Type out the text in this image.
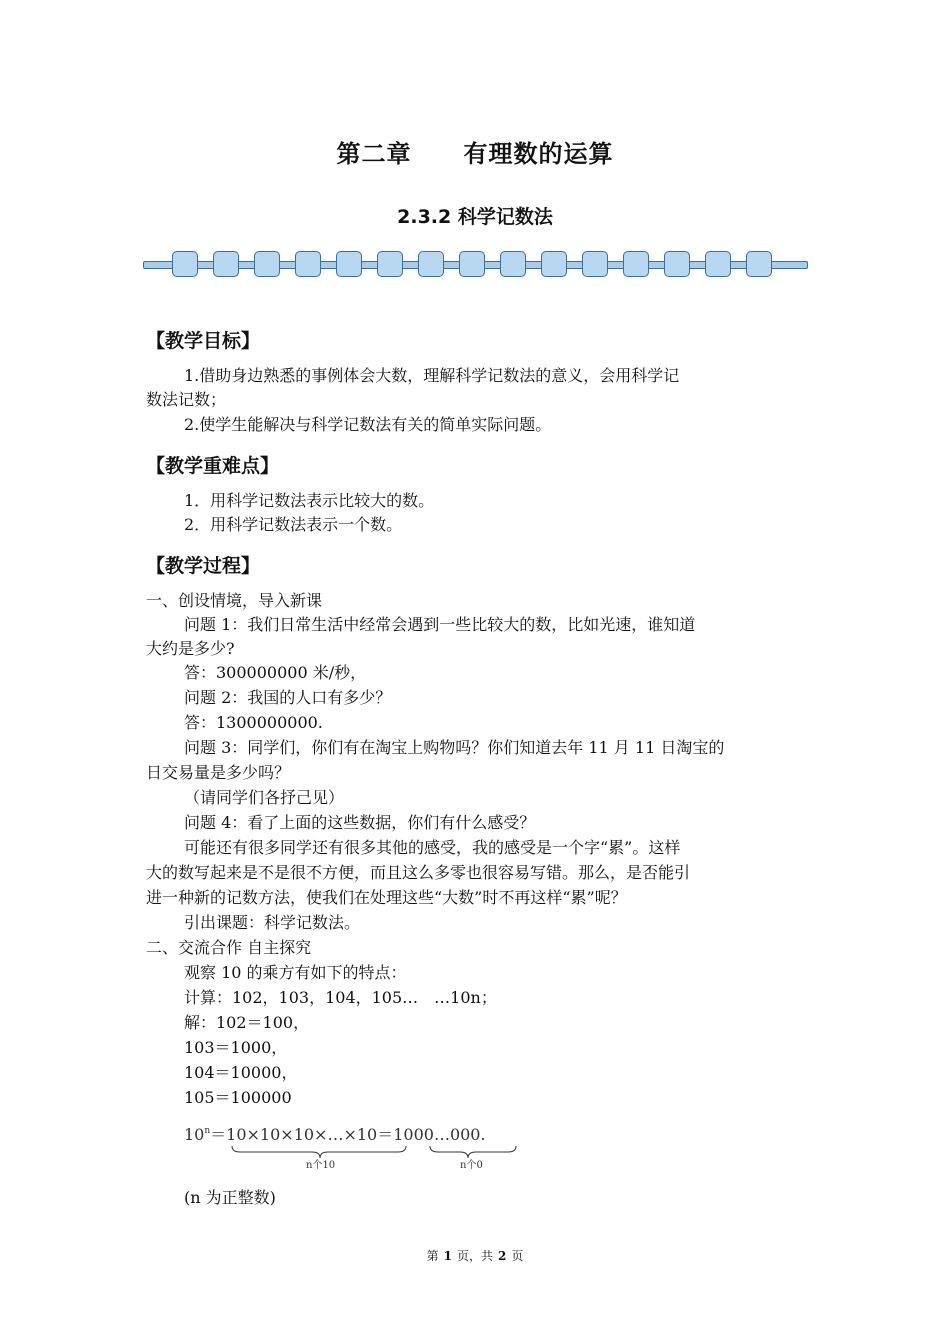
第二章 有理数的运算
2.3.2 科学记数法
【教学目标】
1.借助身边熟悉的事例体会大数，理解科学记数法的意义，会用科学记
数法记数；
2.使学生能解决与科学记数法有关的简单实际问题。
【教学重难点】
1．用科学记数法表示比较大的数。
2．用科学记数法表示一个数。
【教学过程】
一、创设情境，导入新课
问题 1：我们日常生活中经常会遇到一些比较大的数，比如光速，谁知道
大约是多少?
答：300000000 米/秒，
问题 2：我国的人口有多少？
答：1300000000.
问题 3：同学们，你们有在淘宝上购物吗？你们知道去年 11 月 11 日淘宝的
日交易量是多少吗？
（请同学们各抒己见）
问题 4：看了上面的这些数据，你们有什么感受？
可能还有很多同学还有很多其他的感受，我的感受是一个字“累”。这样
大的数写起来是不是很不方便，而且这么多零也很容易写错。那么，是否能引
进一种新的记数方法，使我们在处理这些“大数”时不再这样“累”呢？
引出课题：科学记数法。
二、交流合作 自主探究
观察 10 的乘方有如下的特点：
计算：102，103，104，105…　…10n；
解：102＝100，
103＝1000，
104＝10000，
105＝100000
$10^n=10\times 10\times 10\times\dots\times 10=1000\dots 000$.
n个10	n个0
(n 为正整数)
第 1 页，共 2 页
